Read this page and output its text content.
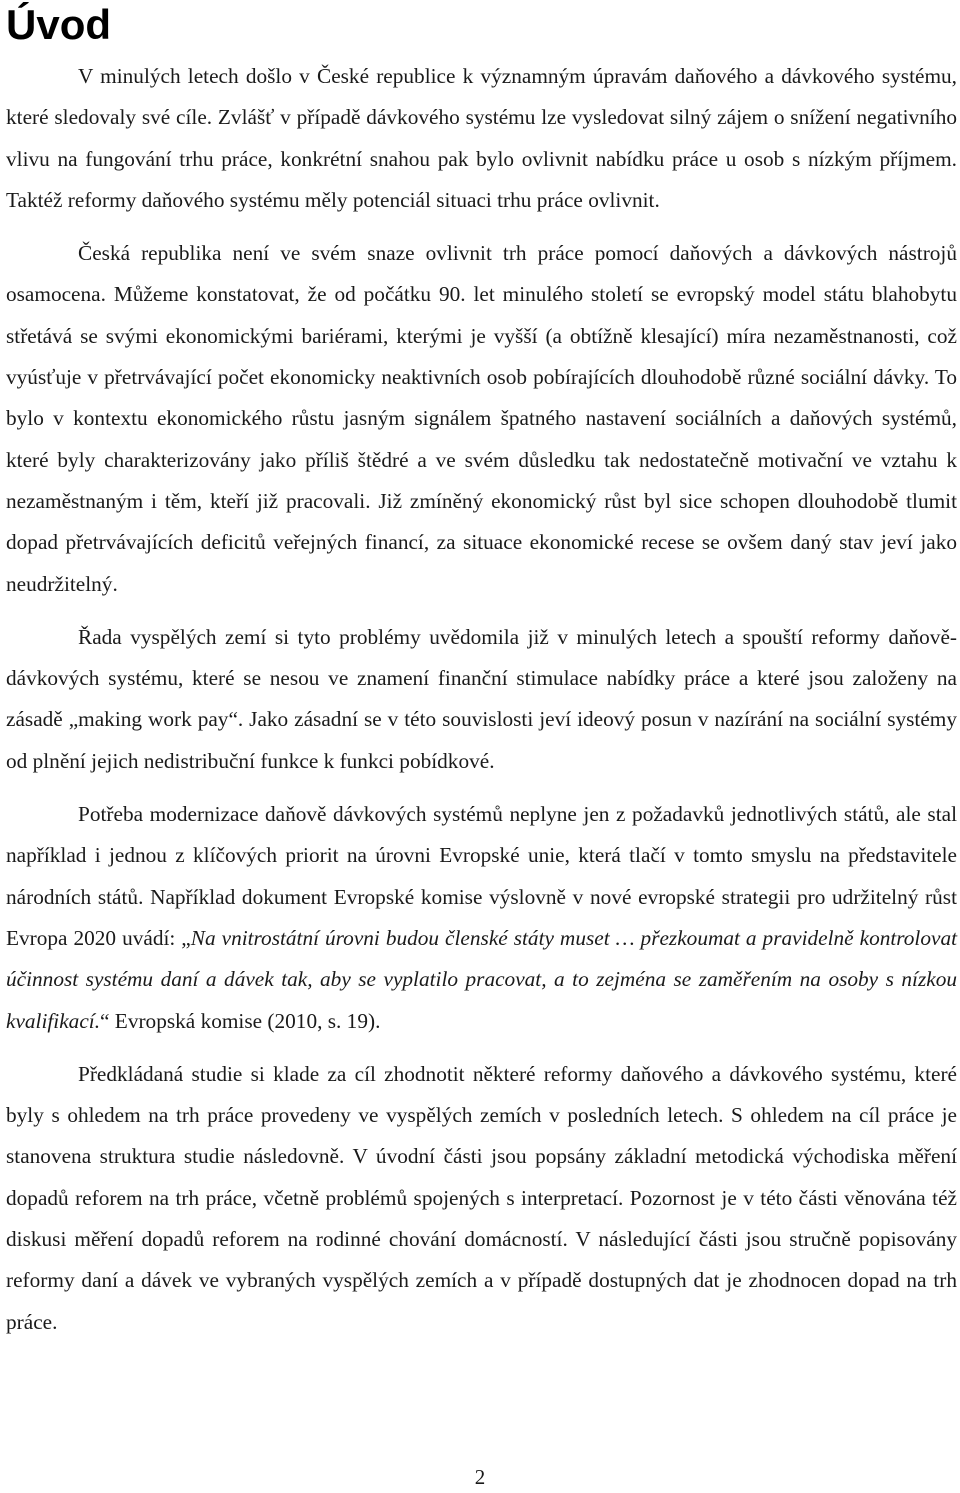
Úvod

V minulých letech došlo v České republice k významným úpravám daňového a dávkového systému, které sledovaly své cíle. Zvlášť v případě dávkového systému lze vysledovat silný zájem o snížení negativního vlivu na fungování trhu práce, konkrétní snahou pak bylo ovlivnit nabídku práce u osob s nízkým příjmem. Taktéž reformy daňového systému měly potenciál situaci trhu práce ovlivnit.

Česká republika není ve svém snaze ovlivnit trh práce pomocí daňových a dávkových nástrojů osamocena. Můžeme konstatovat, že od počátku 90. let minulého století se evropský model státu blahobytu střetává se svými ekonomickými bariérami, kterými je vyšší (a obtížně klesající) míra nezaměstnanosti, což vyúsťuje v přetrvávající počet ekonomicky neaktivních osob pobírajících dlouhodobě různé sociální dávky. To bylo v kontextu ekonomického růstu jasným signálem špatného nastavení sociálních a daňových systémů, které byly charakterizovány jako příliš štědré a ve svém důsledku tak nedostatečně motivační ve vztahu k nezaměstnaným i těm, kteří již pracovali. Již zmíněný ekonomický růst byl sice schopen dlouhodobě tlumit dopad přetrvávajících deficitů veřejných financí, za situace ekonomické recese se ovšem daný stav jeví jako neudržitelný.

Řada vyspělých zemí si tyto problémy uvědomila již v minulých letech a spouští reformy daňově-dávkových systému, které se nesou ve znamení finanční stimulace nabídky práce a které jsou založeny na zásadě „making work pay“. Jako zásadní se v této souvislosti jeví ideový posun v nazírání na sociální systémy od plnění jejich nedistribuční funkce k funkci pobídkové.

Potřeba modernizace daňově dávkových systémů neplyne jen z požadavků jednotlivých států, ale stal například i jednou z klíčových priorit na úrovni Evropské unie, která tlačí v tomto smyslu na představitele národních států. Například dokument Evropské komise výslovně v nové evropské strategii pro udržitelný růst Evropa 2020 uvádí: „Na vnitrostátní úrovni budou členské státy muset … přezkoumat a pravidelně kontrolovat účinnost systému daní a dávek tak, aby se vyplatilo pracovat, a to zejména se zaměřením na osoby s nízkou kvalifikací.“ Evropská komise (2010, s. 19).

Předkládaná studie si klade za cíl zhodnotit některé reformy daňového a dávkového systému, které byly s ohledem na trh práce provedeny ve vyspělých zemích v posledních letech. S ohledem na cíl práce je stanovena struktura studie následovně. V úvodní části jsou popsány základní metodická východiska měření dopadů reforem na trh práce, včetně problémů spojených s interpretací. Pozornost je v této části věnována též diskusi měření dopadů reforem na rodinné chování domácností. V následující části jsou stručně popisovány reformy daní a dávek ve vybraných vyspělých zemích a v případě dostupných dat je zhodnocen dopad na trh práce.

2
